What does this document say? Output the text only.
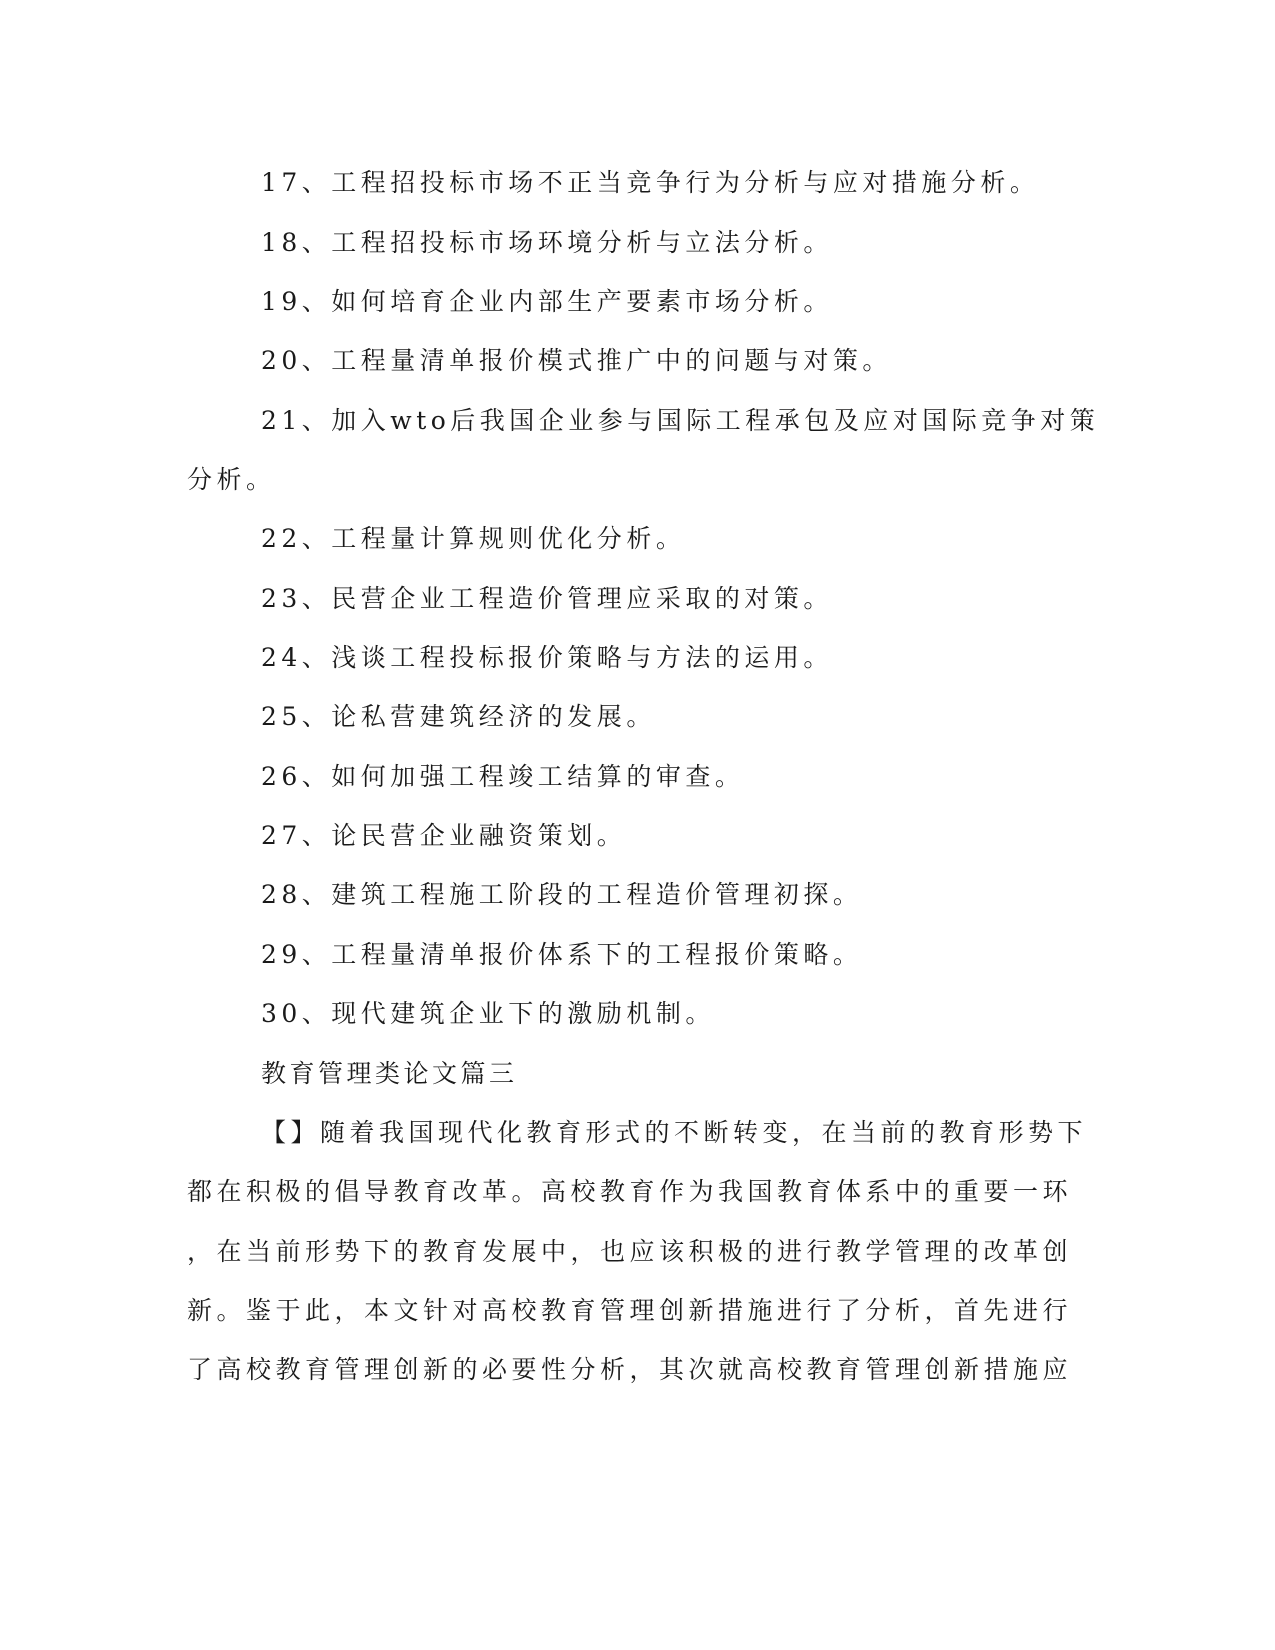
17、工程招投标市场不正当竞争行为分析与应对措施分析。
18、工程招投标市场环境分析与立法分析。
19、如何培育企业内部生产要素市场分析。
20、工程量清单报价模式推广中的问题与对策。
21、加入wto后我国企业参与国际工程承包及应对国际竞争对策
分析。
22、工程量计算规则优化分析。
23、民营企业工程造价管理应采取的对策。
24、浅谈工程投标报价策略与方法的运用。
25、论私营建筑经济的发展。
26、如何加强工程竣工结算的审查。
27、论民营企业融资策划。
28、建筑工程施工阶段的工程造价管理初探。
29、工程量清单报价体系下的工程报价策略。
30、现代建筑企业下的激励机制。
教育管理类论文篇三
【】随着我国现代化教育形式的不断转变，在当前的教育形势下
都在积极的倡导教育改革。高校教育作为我国教育体系中的重要一环
，在当前形势下的教育发展中，也应该积极的进行教学管理的改革创
新。鉴于此，本文针对高校教育管理创新措施进行了分析，首先进行
了高校教育管理创新的必要性分析，其次就高校教育管理创新措施应
